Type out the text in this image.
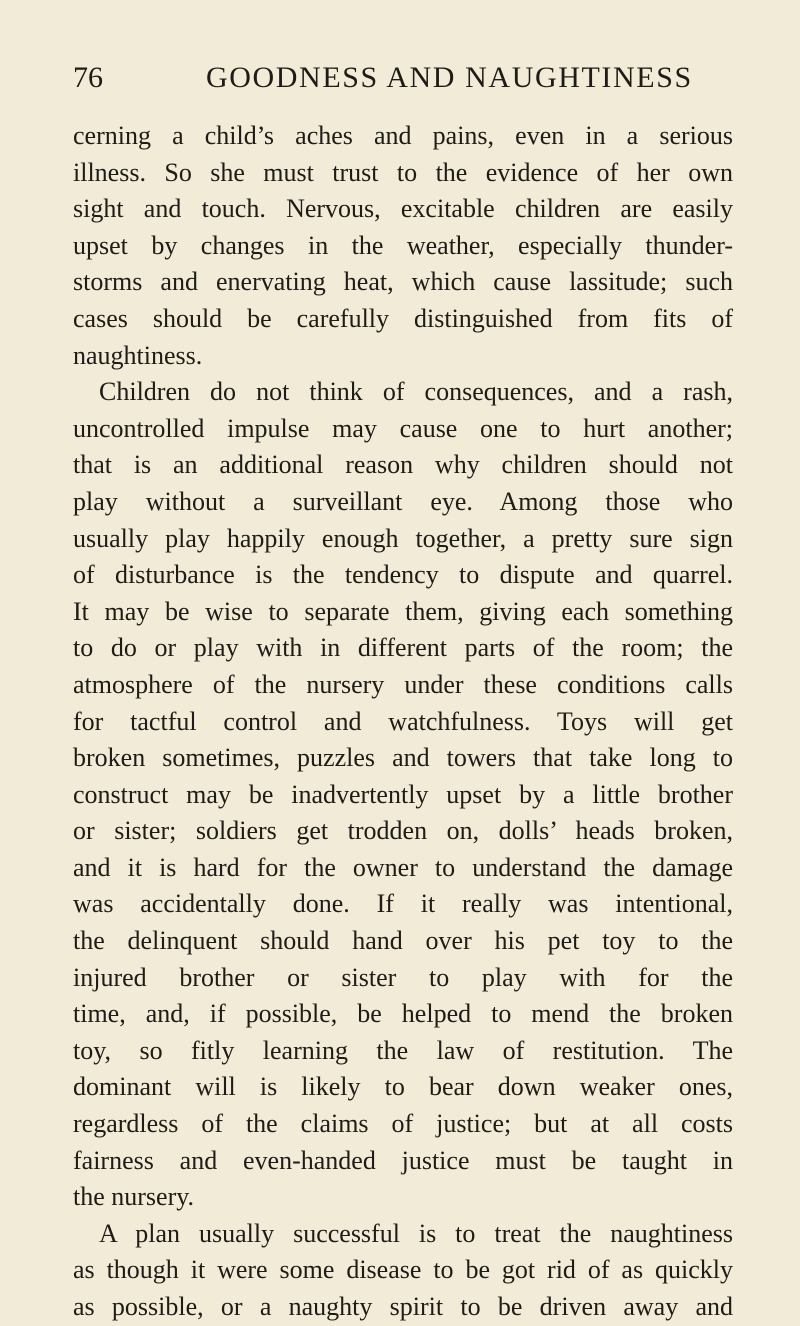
76	GOODNESS AND NAUGHTINESS
cerning a child’s aches and pains, even in a serious
illness. So she must trust to the evidence of her own
sight and touch. Nervous, excitable children are easily
upset by changes in the weather, especially thunder-
storms and enervating heat, which cause lassitude; such
cases should be carefully distinguished from fits of
naughtiness.
Children do not think of consequences, and a rash,
uncontrolled impulse may cause one to hurt another;
that is an additional reason why children should not
play without a surveillant eye. Among those who
usually play happily enough together, a pretty sure sign
of disturbance is the tendency to dispute and quarrel.
It may be wise to separate them, giving each something
to do or play with in different parts of the room; the
atmosphere of the nursery under these conditions calls
for tactful control and watchfulness. Toys will get
broken sometimes, puzzles and towers that take long to
construct may be inadvertently upset by a little brother
or sister; soldiers get trodden on, dolls’ heads broken,
and it is hard for the owner to understand the damage
was accidentally done. If it really was intentional,
the delinquent should hand over his pet toy to the
injured brother or sister to play with for the
time, and, if possible, be helped to mend the broken
toy, so fitly learning the law of restitution. The
dominant will is likely to bear down weaker ones,
regardless of the claims of justice; but at all costs
fairness and even-handed justice must be taught in
the nursery.
A plan usually successful is to treat the naughtiness
as though it were some disease to be got rid of as quickly
as possible, or a naughty spirit to be driven away and
